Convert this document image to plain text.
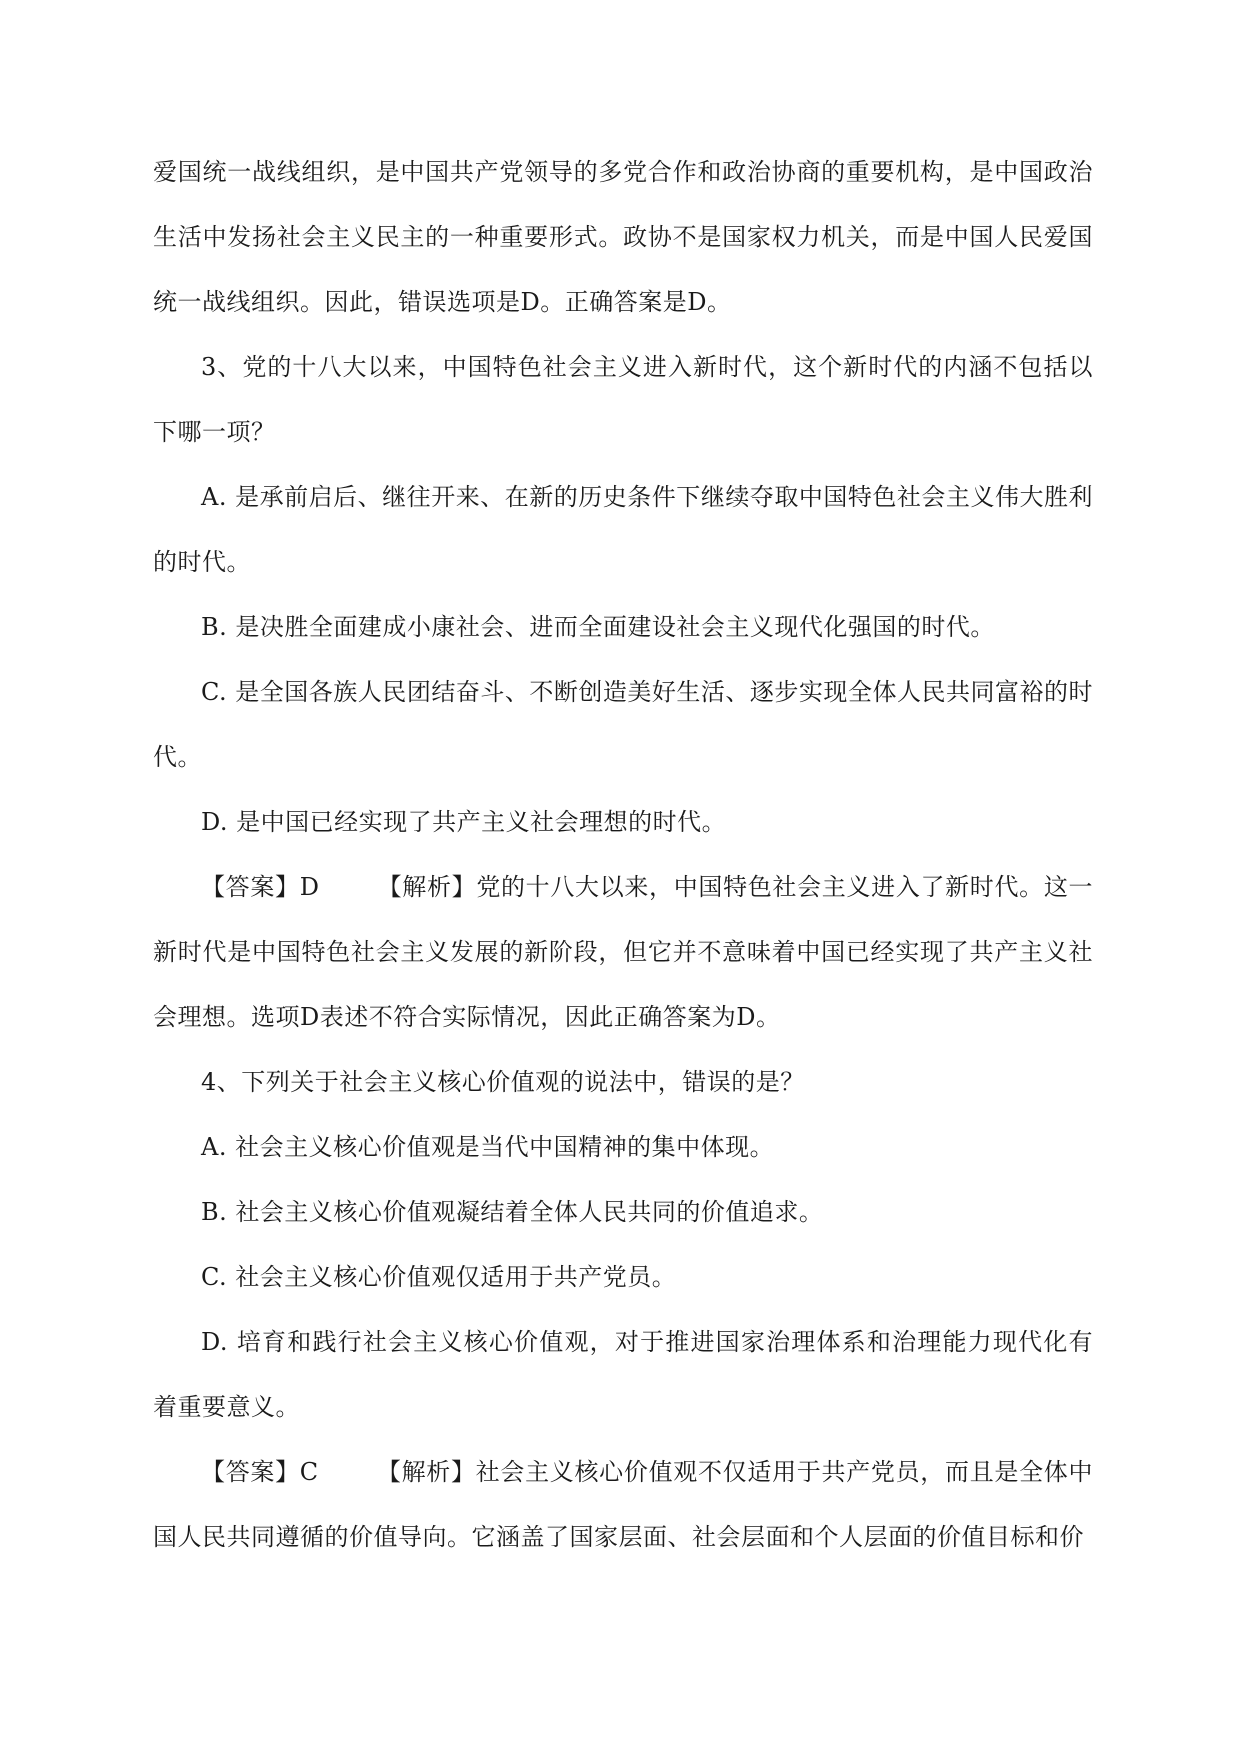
爱国统一战线组织，是中国共产党领导的多党合作和政治协商的重要机构，是中国政治生活中发扬社会主义民主的一种重要形式。政协不是国家权力机关，而是中国人民爱国统一战线组织。因此，错误选项是D。正确答案是D。

3、党的十八大以来，中国特色社会主义进入新时代，这个新时代的内涵不包括以下哪一项？

A. 是承前启后、继往开来、在新的历史条件下继续夺取中国特色社会主义伟大胜利的时代。

B. 是决胜全面建成小康社会、进而全面建设社会主义现代化强国的时代。

C. 是全国各族人民团结奋斗、不断创造美好生活、逐步实现全体人民共同富裕的时代。

D. 是中国已经实现了共产主义社会理想的时代。

【答案】D 【解析】党的十八大以来，中国特色社会主义进入了新时代。这一新时代是中国特色社会主义发展的新阶段，但它并不意味着中国已经实现了共产主义社会理想。选项D表述不符合实际情况，因此正确答案为D。

4、下列关于社会主义核心价值观的说法中，错误的是？

A. 社会主义核心价值观是当代中国精神的集中体现。

B. 社会主义核心价值观凝结着全体人民共同的价值追求。

C. 社会主义核心价值观仅适用于共产党员。

D. 培育和践行社会主义核心价值观，对于推进国家治理体系和治理能力现代化有着重要意义。

【答案】C 【解析】社会主义核心价值观不仅适用于共产党员，而且是全体中国人民共同遵循的价值导向。它涵盖了国家层面、社会层面和个人层面的价值目标和价
